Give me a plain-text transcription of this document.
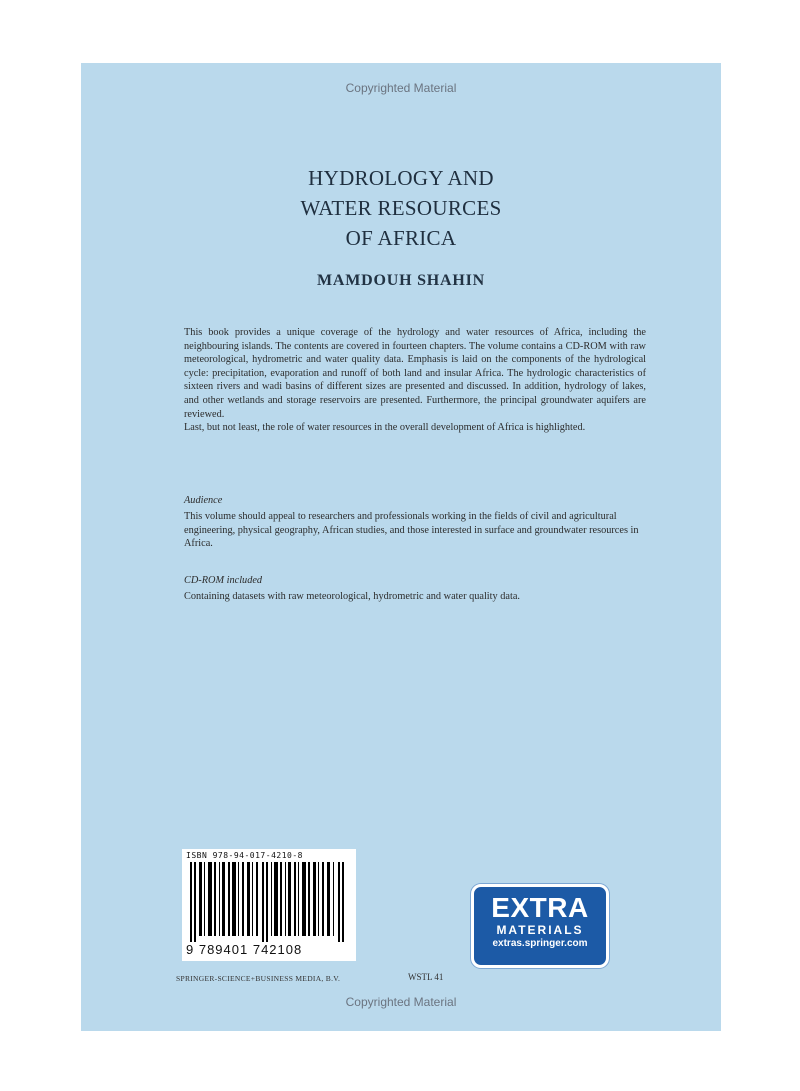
Copyrighted Material
HYDROLOGY AND
WATER RESOURCES
OF AFRICA
MAMDOUH SHAHIN

This book provides a unique coverage of the hydrology and water resources of Africa, including the neighbouring islands. The contents are covered in fourteen chapters. The volume contains a CD-ROM with raw meteorological, hydrometric and water quality data. Emphasis is laid on the components of the hydrological cycle: precipitation, evaporation and runoff of both land and insular Africa. The hydrologic characteristics of sixteen rivers and wadi basins of different sizes are presented and discussed. In addition, hydrology of lakes, and other wetlands and storage reservoirs are presented. Furthermore, the principal groundwater aquifers are reviewed.

Last, but not least, the role of water resources in the overall development of Africa is highlighted.

Audience
This volume should appeal to researchers and professionals working in the fields of civil and agricultural engineering, physical geography, African studies, and those interested in surface and groundwater resources in Africa.
CD-ROM included
Containing datasets with raw meteorological, hydrometric and water quality data.
ISBN 978-94-017-4210-8
9 789401 742108
SPRINGER-SCIENCE+BUSINESS MEDIA, B.V.	WSTL 41
EXTRA
MATERIALS
extras.springer.com
Copyrighted Material
